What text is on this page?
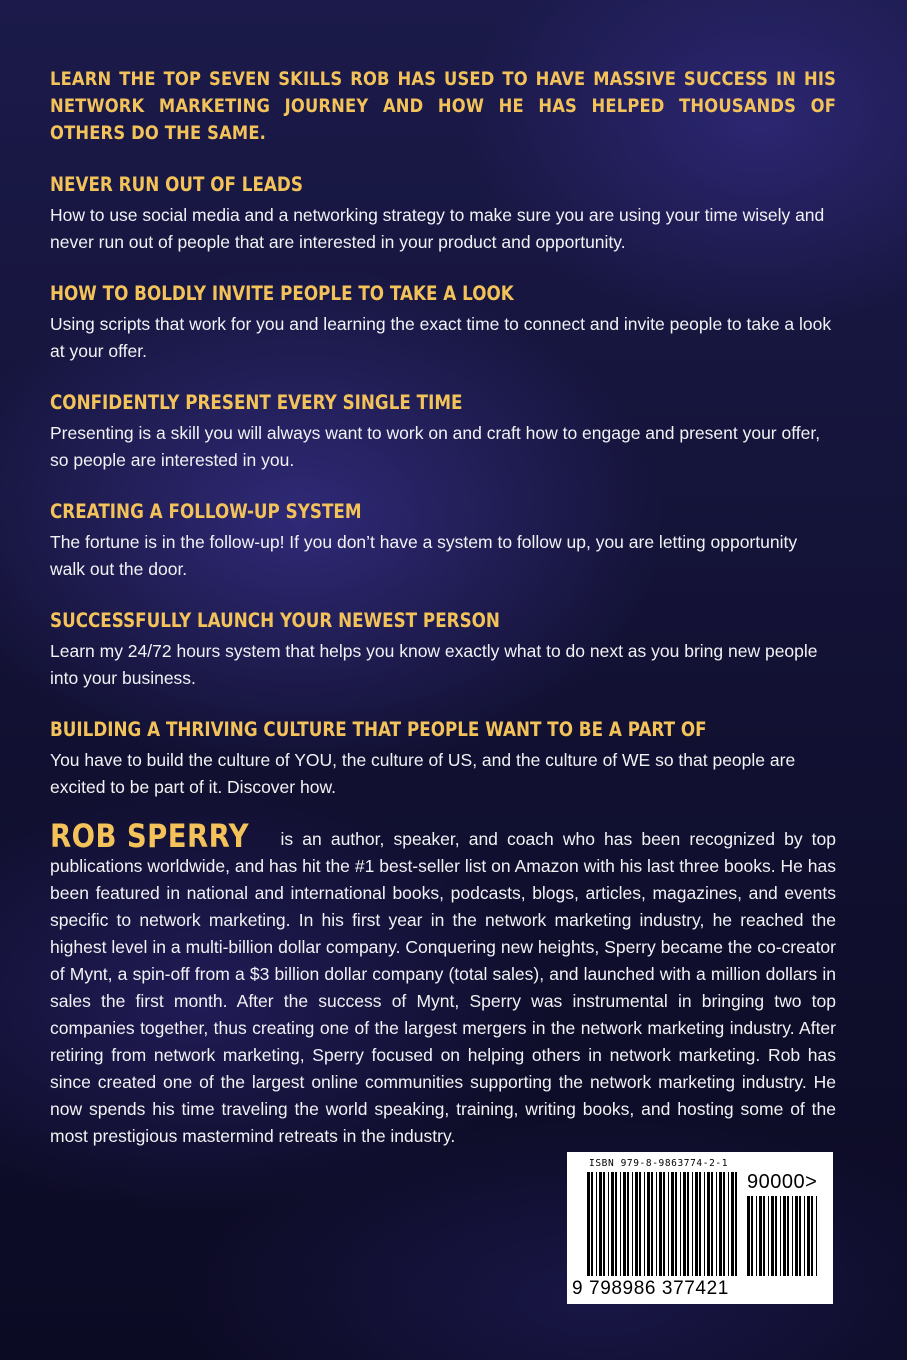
LEARN THE TOP SEVEN SKILLS ROB HAS USED TO HAVE MASSIVE SUCCESS IN HIS NETWORK MARKETING JOURNEY AND HOW HE HAS HELPED THOUSANDS OF OTHERS DO THE SAME.

NEVER RUN OUT OF LEADS

How to use social media and a networking strategy to make sure you are using your time wisely and never run out of people that are interested in your product and opportunity.

HOW TO BOLDLY INVITE PEOPLE TO TAKE A LOOK

Using scripts that work for you and learning the exact time to connect and invite people to take a look at your offer.

CONFIDENTLY PRESENT EVERY SINGLE TIME

Presenting is a skill you will always want to work on and craft how to engage and present your offer, so people are interested in you.

CREATING A FOLLOW-UP SYSTEM

The fortune is in the follow-up! If you don’t have a system to follow up, you are letting opportunity walk out the door.

SUCCESSFULLY LAUNCH YOUR NEWEST PERSON

Learn my 24/72 hours system that helps you know exactly what to do next as you bring new people into your business.

BUILDING A THRIVING CULTURE THAT PEOPLE WANT TO BE A PART OF

You have to build the culture of YOU, the culture of US, and the culture of WE so that people are excited to be part of it. Discover how.

ROB SPERRY is an author, speaker, and coach who has been recognized by top publications worldwide, and has hit the #1 best-seller list on Amazon with his last three books. He has been featured in national and international books, podcasts, blogs, articles, magazines, and events specific to network marketing. In his first year in the network marketing industry, he reached the highest level in a multi-billion dollar company. Conquering new heights, Sperry became the co-creator of Mynt, a spin-off from a $3 billion dollar company (total sales), and launched with a million dollars in sales the first month. After the success of Mynt, Sperry was instrumental in bringing two top companies together, thus creating one of the largest mergers in the network marketing industry. After retiring from network marketing, Sperry focused on helping others in network marketing. Rob has since created one of the largest online communities supporting the network marketing industry. He now spends his time traveling the world speaking, training, writing books, and hosting some of the most prestigious mastermind retreats in the industry.
ISBN 979-8-9863774-2-1
90000>
9 798986 377421
